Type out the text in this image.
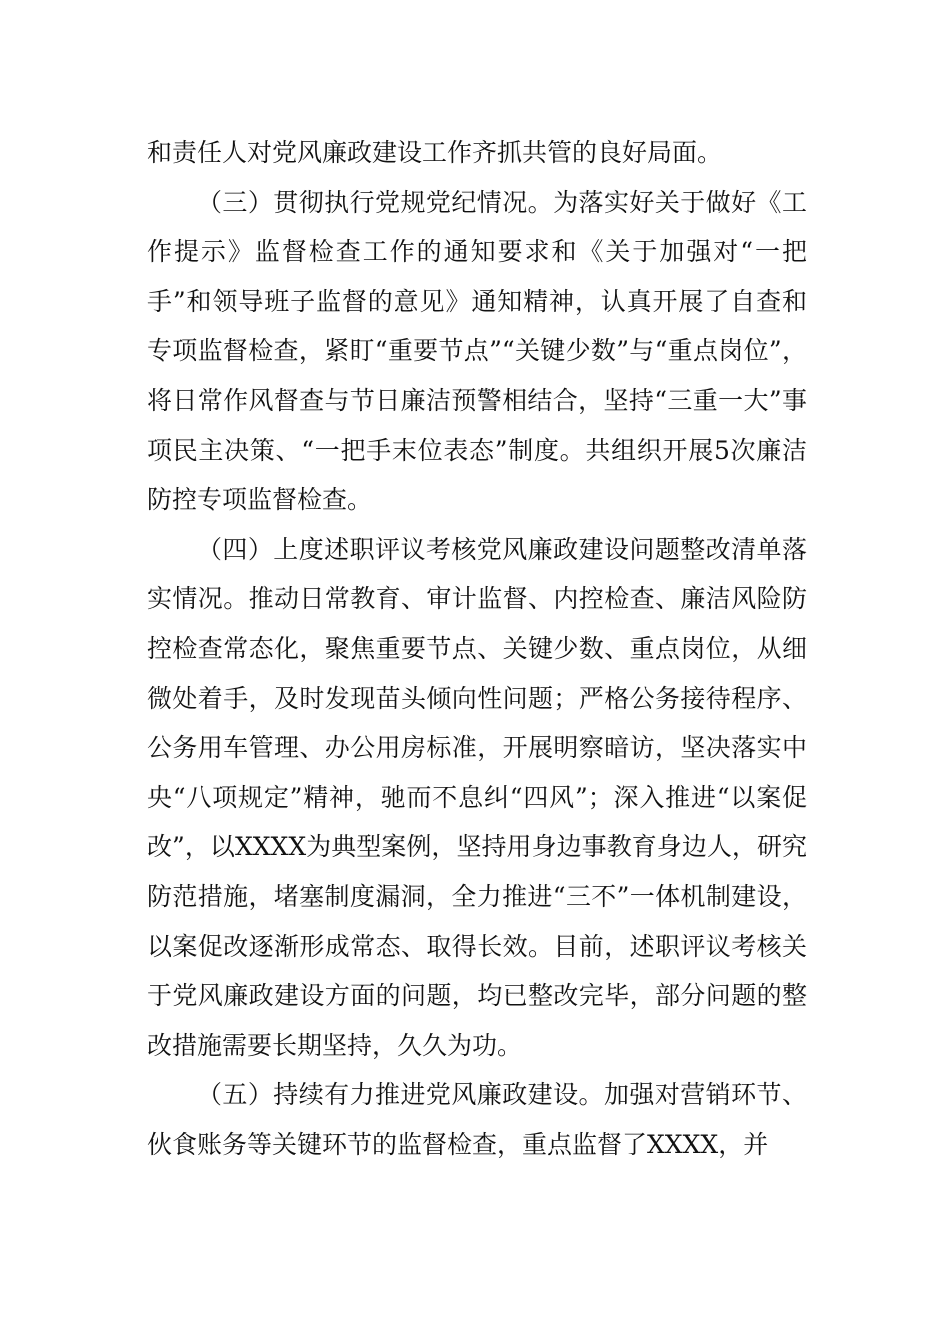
和责任人对党风廉政建设工作齐抓共管的良好局面。

（三）贯彻执行党规党纪情况。为落实好关于做好《工作提示》监督检查工作的通知要求和《关于加强对“一把手”和领导班子监督的意见》通知精神，认真开展了自查和专项监督检查，紧盯“重要节点”“关键少数”与“重点岗位”，将日常作风督查与节日廉洁预警相结合，坚持“三重一大”事项民主决策、“一把手末位表态”制度。共组织开展5次廉洁防控专项监督检查。

（四）上度述职评议考核党风廉政建设问题整改清单落实情况。推动日常教育、审计监督、内控检查、廉洁风险防控检查常态化，聚焦重要节点、关键少数、重点岗位，从细微处着手，及时发现苗头倾向性问题；严格公务接待程序、公务用车管理、办公用房标准，开展明察暗访，坚决落实中央“八项规定”精神，驰而不息纠“四风”；深入推进“以案促改”，以XXXX为典型案例，坚持用身边事教育身边人，研究防范措施，堵塞制度漏洞，全力推进“三不”一体机制建设，以案促改逐渐形成常态、取得长效。目前，述职评议考核关于党风廉政建设方面的问题，均已整改完毕，部分问题的整改措施需要长期坚持，久久为功。

（五）持续有力推进党风廉政建设。加强对营销环节、伙食账务等关键环节的监督检查，重点监督了XXXX，并
